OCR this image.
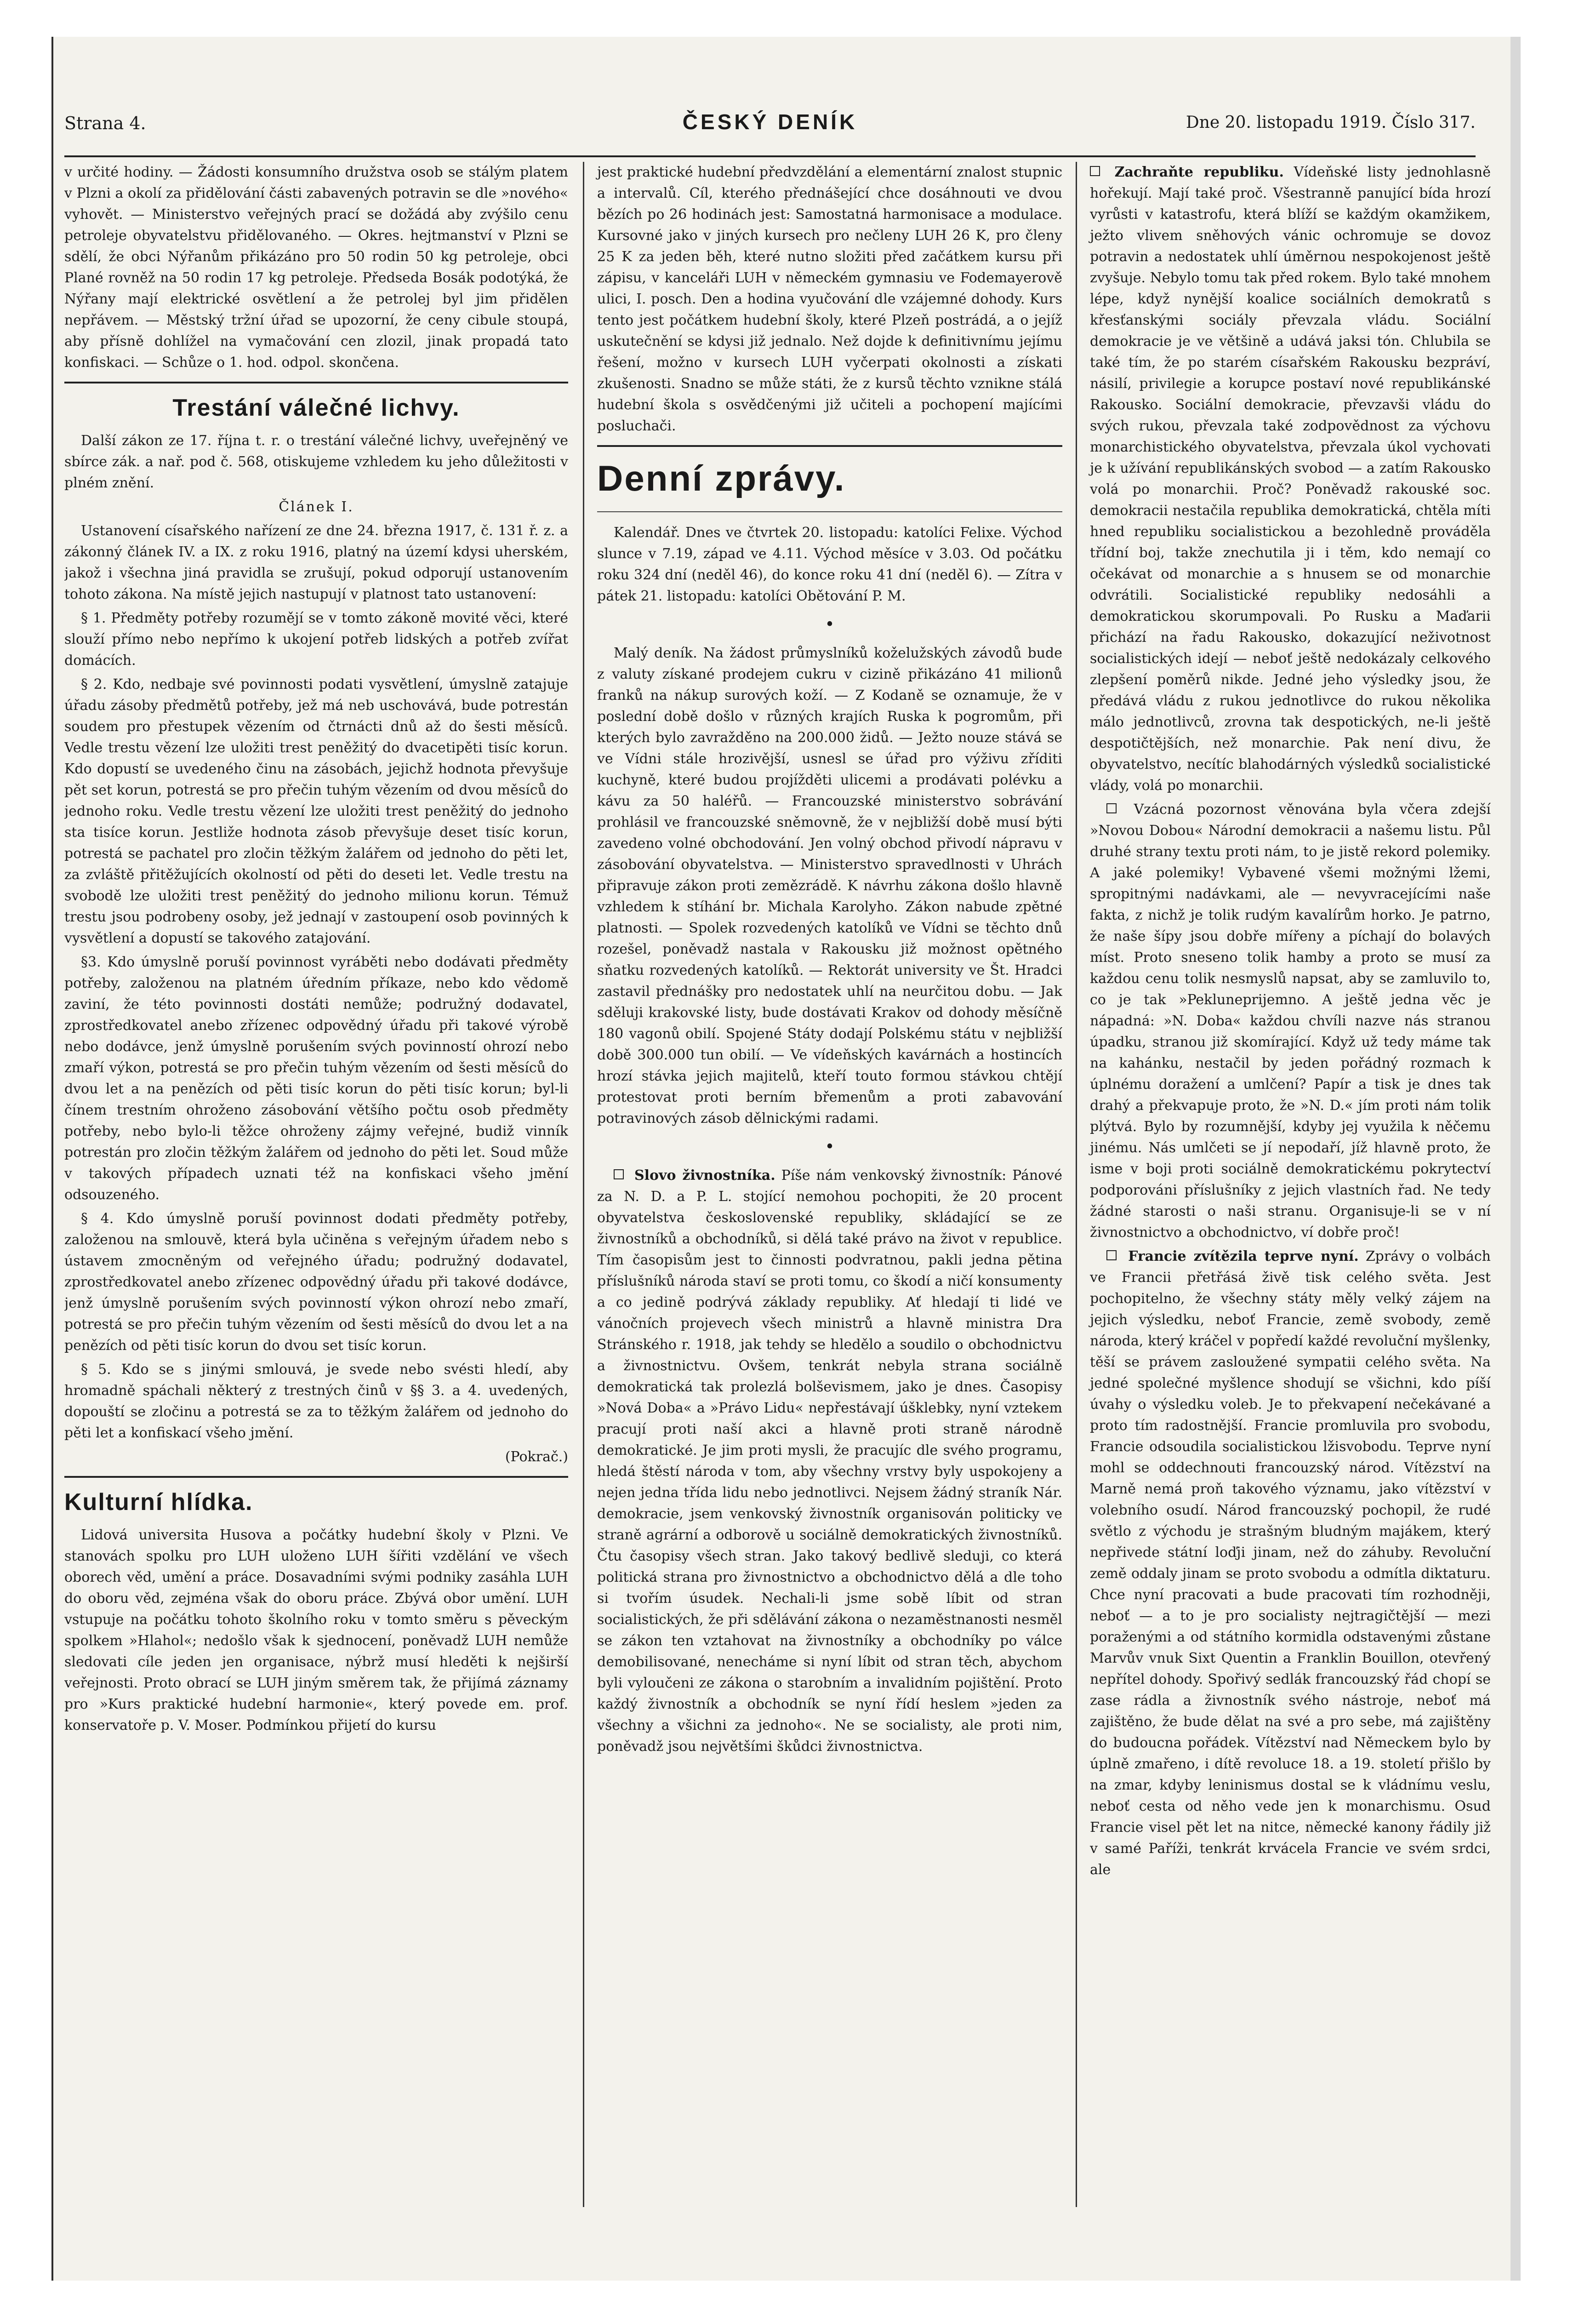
Strana 4.	ČESKÝ DENÍK	Dne 20. listopadu 1919. Číslo 317.

v určité hodiny. — Žádosti konsumního družstva osob se stálým platem v Plzni a okolí za přidělování části zabavených potravin se dle »nového« vyhovět. — Ministerstvo veřejných prací se dožádá aby zvýšilo cenu petroleje obyvatelstvu přidělovaného. — Okres. hejtmanství v Plzni se sdělí, že obci Nýřanům přikázáno pro 50 rodin 50 kg petroleje, obci Plané rovněž na 50 rodin 17 kg petroleje. Předseda Bosák podotýká, že Nýřany mají elektrické osvětlení a že petrolej byl jim přidělen nepřávem. — Městský tržní úřad se upozorní, že ceny cibule stoupá, aby přísně dohlížel na vymačování cen zlozil, jinak propadá tato konfiskaci. — Schůze o 1. hod. odpol. skončena.

Trestání válečné lichvy.

Další zákon ze 17. října t. r. o trestání válečné lichvy, uveřejněný ve sbírce zák. a nař. pod č. 568, otiskujeme vzhledem ku jeho důležitosti v plném znění.

Článek I.

Ustanovení císařského nařízení ze dne 24. března 1917, č. 131 ř. z. a zákonný článek IV. a IX. z roku 1916, platný na území kdysi uherském, jakož i všechna jiná pravidla se zrušují, pokud odporují ustanovením tohoto zákona. Na místě jejich nastupují v platnost tato ustanovení:

§ 1. Předměty potřeby rozumějí se v tomto zákoně movité věci, které slouží přímo nebo nepřímo k ukojení potřeb lidských a potřeb zvířat domácích.

§ 2. Kdo, nedbaje své povinnosti podati vysvětlení, úmyslně zatajuje úřadu zásoby předmětů potřeby, jež má neb uschovává, bude potrestán soudem pro přestupek vězením od čtrnácti dnů až do šesti měsíců. Vedle trestu vězení lze uložiti trest peněžitý do dvacetipěti tisíc korun. Kdo dopustí se uvedeného činu na zásobách, jejichž hodnota převyšuje pět set korun, potrestá se pro přečin tuhým vězením od dvou měsíců do jednoho roku. Vedle trestu vězení lze uložiti trest peněžitý do jednoho sta tisíce korun. Jestliže hodnota zásob převyšuje deset tisíc korun, potrestá se pachatel pro zločin těžkým žalářem od jednoho do pěti let, za zvláště přitěžujících okolností od pěti do deseti let. Vedle trestu na svobodě lze uložiti trest peněžitý do jednoho milionu korun. Témuž trestu jsou podrobeny osoby, jež jednají v zastoupení osob povinných k vysvětlení a dopustí se takového zatajování.

§3. Kdo úmyslně poruší povinnost vyráběti nebo dodávati předměty potřeby, založenou na platném úředním příkaze, nebo kdo vědomě zaviní, že této povinnosti dostáti nemůže; podružný dodavatel, zprostředkovatel anebo zřízenec odpovědný úřadu při takové výrobě nebo dodávce, jenž úmyslně porušením svých povinností ohrozí nebo zmaří výkon, potrestá se pro přečin tuhým vězením od šesti měsíců do dvou let a na penězích od pěti tisíc korun do pěti tisíc korun; byl-li čínem trestním ohroženo zásobování většího počtu osob předměty potřeby, nebo bylo-li těžce ohroženy zájmy veřejné, budiž vinník potrestán pro zločin těžkým žalářem od jednoho do pěti let. Soud může v takových případech uznati též na konfiskaci všeho jmění odsouzeného.

§ 4. Kdo úmyslně poruší povinnost dodati předměty potřeby, založenou na smlouvě, která byla učiněna s veřejným úřadem nebo s ústavem zmocněným od veřejného úřadu; podružný dodavatel, zprostředkovatel anebo zřízenec odpovědný úřadu při takové dodávce, jenž úmyslně porušením svých povinností výkon ohrozí nebo zmaří, potrestá se pro přečin tuhým vězením od šesti měsíců do dvou let a na penězích od pěti tisíc korun do dvou set tisíc korun.

§ 5. Kdo se s jinými smlouvá, je svede nebo svésti hledí, aby hromadně spáchali některý z trestných činů v §§ 3. a 4. uvedených, dopouští se zločinu a potrestá se za to těžkým žalářem od jednoho do pěti let a konfiskací všeho jmění.

(Pokrač.)
Kulturní hlídka.

Lidová universita Husova a počátky hudební školy v Plzni. Ve stanovách spolku pro LUH uloženo LUH šířiti vzdělání ve všech oborech věd, umění a práce. Dosavadními svými podniky zasáhla LUH do oboru věd, zejména však do oboru práce. Zbývá obor umění. LUH vstupuje na počátku tohoto školního roku v tomto směru s pěveckým spolkem »Hlahol«; nedošlo však k sjednocení, poněvadž LUH nemůže sledovati cíle jeden jen organisace, nýbrž musí hleděti k nejširší veřejnosti. Proto obrací se LUH jiným směrem tak, že přijímá záznamy pro »Kurs praktické hudební harmonie«, který povede em. prof. konservatoře p. V. Moser. Podmínkou přijetí do kursu

jest praktické hudební předvzdělání a elementární znalost stupnic a intervalů. Cíl, kterého přednášející chce dosáhnouti ve dvou bězích po 26 hodinách jest: Samostatná harmonisace a modulace. Kursovné jako v jiných kursech pro nečleny LUH 26 K, pro členy 25 K za jeden běh, které nutno složiti před začátkem kursu při zápisu, v kanceláři LUH v německém gymnasiu ve Fodemayerově ulici, I. posch. Den a hodina vyučování dle vzájemné dohody. Kurs tento jest počátkem hudební školy, které Plzeň postrádá, a o jejíž uskutečnění se kdysi již jednalo. Než dojde k definitivnímu jejímu řešení, možno v kursech LUH vyčerpati okolnosti a získati zkušenosti. Snadno se může státi, že z kursů těchto vznikne stálá hudební škola s osvědčenými již učiteli a pochopení majícími posluchači.

Denní zprávy.

Kalendář. Dnes ve čtvrtek 20. listopadu: katolíci Felixe. Východ slunce v 7.19, západ ve 4.11. Východ měsíce v 3.03. Od počátku roku 324 dní (neděl 46), do konce roku 41 dní (neděl 6). — Zítra v pátek 21. listopadu: katolíci Obětování P. M.

•

Malý deník. Na žádost průmyslníků koželužských závodů bude z valuty získané prodejem cukru v cizině přikázáno 41 milionů franků na nákup surových koží. — Z Kodaně se oznamuje, že v poslední době došlo v různých krajích Ruska k pogromům, při kterých bylo zavražděno na 200.000 židů. — Ježto nouze stává se ve Vídni stále hrozivější, usnesl se úřad pro výživu zříditi kuchyně, které budou projížděti ulicemi a prodávati polévku a kávu za 50 haléřů. — Francouzské ministerstvo sobrávání prohlásil ve francouzské sněmovně, že v nejbližší době musí býti zavedeno volné obchodování. Jen volný obchod přivodí nápravu v zásobování obyvatelstva. — Ministerstvo spravedlnosti v Uhrách připravuje zákon proti zemězrádě. K návrhu zákona došlo hlavně vzhledem k stíhání br. Michala Karolyho. Zákon nabude zpětné platnosti. — Spolek rozvedených katolíků ve Vídni se těchto dnů rozešel, poněvadž nastala v Rakousku již možnost opětného sňatku rozvedených katolíků. — Rektorát university ve Št. Hradci zastavil přednášky pro nedostatek uhlí na neurčitou dobu. — Jak sděluji krakovské listy, bude dostávati Krakov od dohody měsíčně 180 vagonů obilí. Spojené Státy dodají Polskému státu v nejbližší době 300.000 tun obilí. — Ve vídeňských kavárnách a hostincích hrozí stávka jejich majitelů, kteří touto formou stávkou chtějí protestovat proti berním břemenům a proti zabavování potravinových zásob dělnickými radami.

•

Slovo živnostníka. Píše nám venkovský živnostník: Pánové za N. D. a P. L. stojící nemohou pochopiti, že 20 procent obyvatelstva československé republiky, skládající se ze živnostníků a obchodníků, si dělá také právo na život v republice. Tím časopisům jest to činnosti podvratnou, pakli jedna pětina příslušníků národa staví se proti tomu, co škodí a ničí konsumenty a co jedině podrývá základy republiky. Ať hledají ti lidé ve vánočních projevech všech ministrů a hlavně ministra Dra Stránského r. 1918, jak tehdy se hledělo a soudilo o obchodnictvu a živnostnictvu. Ovšem, tenkrát nebyla strana sociálně demokratická tak prolezlá bolševismem, jako je dnes. Časopisy »Nová Doba« a »Právo Lidu« nepřestávají úšklebky, nyní vztekem pracují proti naší akci a hlavně proti straně národně demokratické. Je jim proti mysli, že pracujíc dle svého programu, hledá štěstí národa v tom, aby všechny vrstvy byly uspokojeny a nejen jedna třída lidu nebo jednotlivci. Nejsem žádný straník Nár. demokracie, jsem venkovský živnostník organisován politicky ve straně agrární a odborově u sociálně demokratických živnostníků. Čtu časopisy všech stran. Jako takový bedlivě sleduji, co která politická strana pro živnostnictvo a obchodnictvo dělá a dle toho si tvořím úsudek. Nechali-li jsme sobě líbit od stran socialistických, že při sdělávání zákona o nezaměstnanosti nesměl se zákon ten vztahovat na živnostníky a obchodníky po válce demobilisované, nenecháme si nyní líbit od stran těch, abychom byli vyloučeni ze zákona o starobním a invalidním pojištění. Proto každý živnostník a obchodník se nyní řídí heslem »jeden za všechny a všichni za jednoho«. Ne se socialisty, ale proti nim, poněvadž jsou největšími škůdci živnostnictva.

Zachraňte republiku. Vídeňské listy jednohlasně hořekují. Mají také proč. Všestranně panující bída hrozí vyrůsti v katastrofu, která blíží se každým okamžikem, ježto vlivem sněhových vánic ochromuje se dovoz potravin a nedostatek uhlí úměrnou nespokojenost ještě zvyšuje. Nebylo tomu tak před rokem. Bylo také mnohem lépe, když nynější koalice sociálních demokratů s křesťanskými sociály převzala vládu. Sociální demokracie je ve většině a udává jaksi tón. Chlubila se také tím, že po starém císařském Rakousku bezpráví, násilí, privilegie a korupce postaví nové republikánské Rakousko. Sociální demokracie, převzavši vládu do svých rukou, převzala také zodpovědnost za výchovu monarchistického obyvatelstva, převzala úkol vychovati je k užívání republikánských svobod — a zatím Rakousko volá po monarchii. Proč? Poněvadž rakouské soc. demokracii nestačila republika demokratická, chtěla míti hned republiku socialistickou a bezohledně prováděla třídní boj, takže znechutila ji i těm, kdo nemají co očekávat od monarchie a s hnusem se od monarchie odvrátili. Socialistické republiky nedosáhli a demokratickou skorumpovali. Po Rusku a Maďarii přichází na řadu Rakousko, dokazující neživotnost socialistických idejí — neboť ještě nedokázaly celkového zlepšení poměrů nikde. Jedné jeho výsledky jsou, že předává vládu z rukou jednotlivce do rukou několika málo jednotlivců, zrovna tak despotických, ne-li ještě despotičtějších, než monarchie. Pak není divu, že obyvatelstvo, necítíc blahodárných výsledků socialistické vlády, volá po monarchii.

Vzácná pozornost věnována byla včera zdejší »Novou Dobou« Národní demokracii a našemu listu. Půl druhé strany textu proti nám, to je jistě rekord polemiky. A jaké polemiky! Vybavené všemi možnými lžemi, spropitnými nadávkami, ale — nevyvracejícími naše fakta, z nichž je tolik rudým kavalírům horko. Je patrno, že naše šípy jsou dobře mířeny a píchají do bolavých míst. Proto sneseno tolik hamby a proto se musí za každou cenu tolik nesmyslů napsat, aby se zamluvilo to, co je tak »Pekluneprijemno. A ještě jedna věc je nápadná: »N. Doba« každou chvíli nazve nás stranou úpadku, stranou již skomírající. Když už tedy máme tak na kahánku, nestačil by jeden pořádný rozmach k úplnému doražení a umlčení? Papír a tisk je dnes tak drahý a překvapuje proto, že »N. D.« jím proti nám tolik plýtvá. Bylo by rozumnější, kdyby jej využila k něčemu jinému. Nás umlčeti se jí nepodaří, jíž hlavně proto, že isme v boji proti sociálně demokratickému pokrytectví podporováni příslušníky z jejich vlastních řad. Ne tedy žádné starosti o naši stranu. Organisuje-li se v ní živnostnictvo a obchodnictvo, ví dobře proč!

Francie zvítězila teprve nyní. Zprávy o volbách ve Francii přetřásá živě tisk celého světa. Jest pochopitelno, že všechny státy měly velký zájem na jejich výsledku, neboť Francie, země svobody, země národa, který kráčel v popředí každé revoluční myšlenky, těší se právem zasloužené sympatii celého světa. Na jedné společné myšlence shodují se všichni, kdo píší úvahy o výsledku voleb. Je to překvapení nečekávané a proto tím radostnější. Francie promluvila pro svobodu, Francie odsoudila socialistickou lžisvobodu. Teprve nyní mohl se oddechnouti francouzský národ. Vítězství na Marně nemá proň takového významu, jako vítězství v volebního osudí. Národ francouzský pochopil, že rudé světlo z východu je strašným bludným majákem, který nepřivede státní loďji jinam, než do záhuby. Revoluční země oddaly jinam se proto svobodu a odmítla diktaturu. Chce nyní pracovati a bude pracovati tím rozhodněji, neboť — a to je pro socialisty nejtragičtější — mezi poraženými a od státního kormidla odstavenými zůstane Marvův vnuk Sixt Quentin a Franklin Bouillon, otevřený nepřítel dohody. Spořivý sedlák francouzský řád chopí se zase rádla a živnostník svého nástroje, neboť má zajištěno, že bude dělat na své a pro sebe, má zajištěny do budoucna pořádek. Vítězství nad Německem bylo by úplně zmařeno, i dítě revoluce 18. a 19. století přišlo by na zmar, kdyby leninismus dostal se k vládnímu veslu, neboť cesta od něho vede jen k monarchismu. Osud Francie visel pět let na nitce, německé kanony řádily již v samé Paříži, tenkrát krvácela Francie ve svém srdci, ale
